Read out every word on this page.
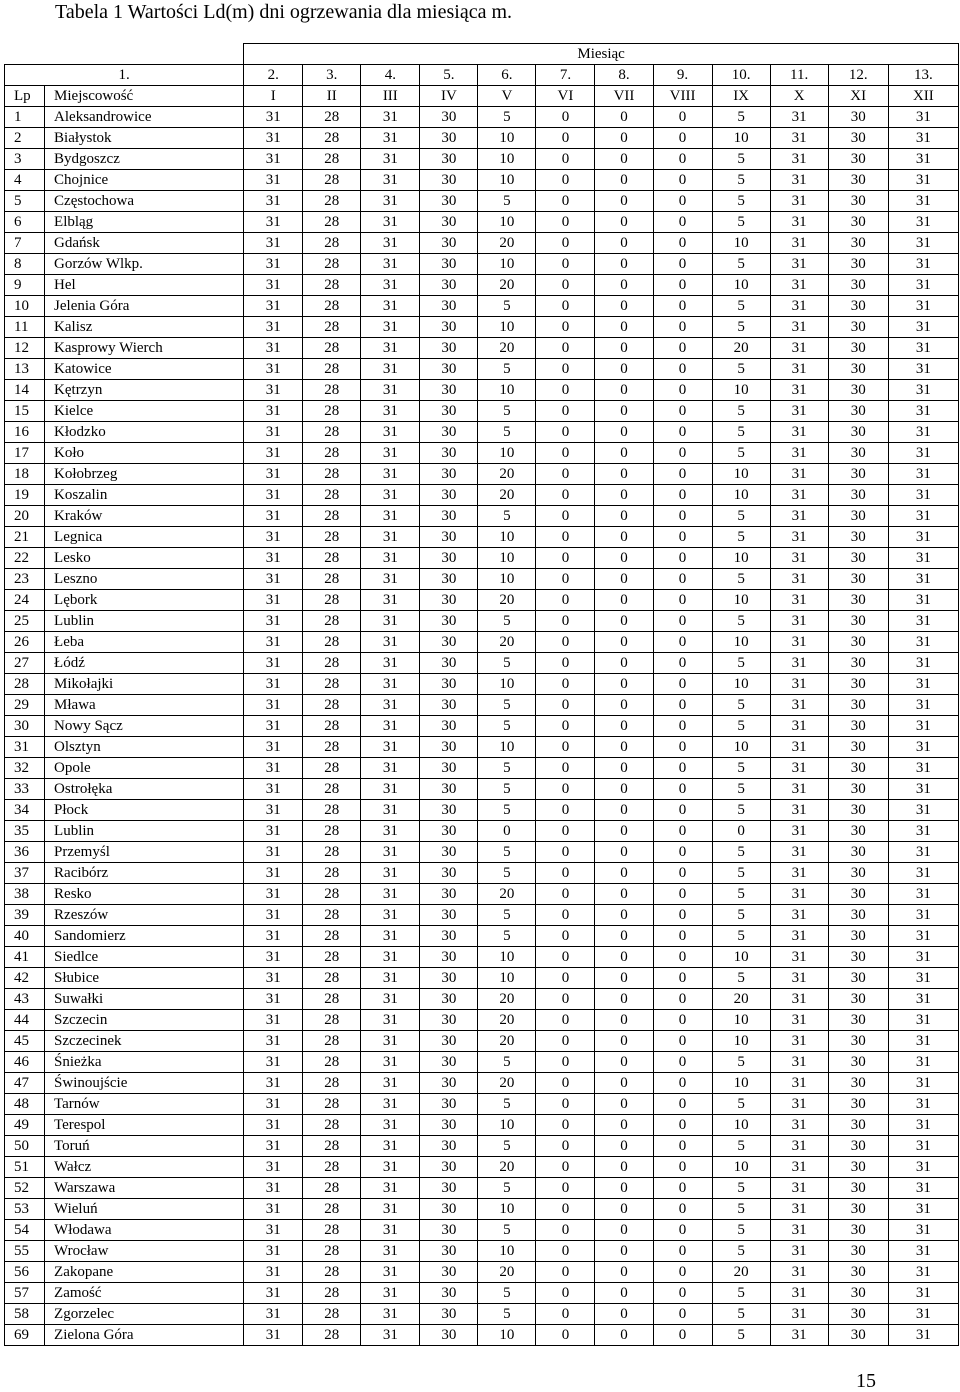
Tabela 1 Wartości Ld(m) dni ogrzewania dla miesiąca m.
		Miesiąc											
1.		2.	3.	4.	5.	6.	7.	8.	9.	10.	11.	12.	13.
Lp	Miejscowość	I	II	III	IV	V	VI	VII	VIII	IX	X	XI	XII
1	Aleksandrowice	31	28	31	30	5	0	0	0	5	31	30	31
2	Białystok	31	28	31	30	10	0	0	0	10	31	30	31
3	Bydgoszcz	31	28	31	30	10	0	0	0	5	31	30	31
4	Chojnice	31	28	31	30	10	0	0	0	5	31	30	31
5	Częstochowa	31	28	31	30	5	0	0	0	5	31	30	31
6	Elbląg	31	28	31	30	10	0	0	0	5	31	30	31
7	Gdańsk	31	28	31	30	20	0	0	0	10	31	30	31
8	Gorzów Wlkp.	31	28	31	30	10	0	0	0	5	31	30	31
9	Hel	31	28	31	30	20	0	0	0	10	31	30	31
10	Jelenia Góra	31	28	31	30	5	0	0	0	5	31	30	31
11	Kalisz	31	28	31	30	10	0	0	0	5	31	30	31
12	Kasprowy Wierch	31	28	31	30	20	0	0	0	20	31	30	31
13	Katowice	31	28	31	30	5	0	0	0	5	31	30	31
14	Kętrzyn	31	28	31	30	10	0	0	0	10	31	30	31
15	Kielce	31	28	31	30	5	0	0	0	5	31	30	31
16	Kłodzko	31	28	31	30	5	0	0	0	5	31	30	31
17	Koło	31	28	31	30	10	0	0	0	5	31	30	31
18	Kołobrzeg	31	28	31	30	20	0	0	0	10	31	30	31
19	Koszalin	31	28	31	30	20	0	0	0	10	31	30	31
20	Kraków	31	28	31	30	5	0	0	0	5	31	30	31
21	Legnica	31	28	31	30	10	0	0	0	5	31	30	31
22	Lesko	31	28	31	30	10	0	0	0	10	31	30	31
23	Leszno	31	28	31	30	10	0	0	0	5	31	30	31
24	Lębork	31	28	31	30	20	0	0	0	10	31	30	31
25	Lublin	31	28	31	30	5	0	0	0	5	31	30	31
26	Łeba	31	28	31	30	20	0	0	0	10	31	30	31
27	Łódź	31	28	31	30	5	0	0	0	5	31	30	31
28	Mikołajki	31	28	31	30	10	0	0	0	10	31	30	31
29	Mława	31	28	31	30	5	0	0	0	5	31	30	31
30	Nowy Sącz	31	28	31	30	5	0	0	0	5	31	30	31
31	Olsztyn	31	28	31	30	10	0	0	0	10	31	30	31
32	Opole	31	28	31	30	5	0	0	0	5	31	30	31
33	Ostrołęka	31	28	31	30	5	0	0	0	5	31	30	31
34	Płock	31	28	31	30	5	0	0	0	5	31	30	31
35	Lublin	31	28	31	30	0	0	0	0	0	31	30	31
36	Przemyśl	31	28	31	30	5	0	0	0	5	31	30	31
37	Racibórz	31	28	31	30	5	0	0	0	5	31	30	31
38	Resko	31	28	31	30	20	0	0	0	5	31	30	31
39	Rzeszów	31	28	31	30	5	0	0	0	5	31	30	31
40	Sandomierz	31	28	31	30	5	0	0	0	5	31	30	31
41	Siedlce	31	28	31	30	10	0	0	0	10	31	30	31
42	Słubice	31	28	31	30	10	0	0	0	5	31	30	31
43	Suwałki	31	28	31	30	20	0	0	0	20	31	30	31
44	Szczecin	31	28	31	30	20	0	0	0	10	31	30	31
45	Szczecinek	31	28	31	30	20	0	0	0	10	31	30	31
46	Śnieżka	31	28	31	30	5	0	0	0	5	31	30	31
47	Świnoujście	31	28	31	30	20	0	0	0	10	31	30	31
48	Tarnów	31	28	31	30	5	0	0	0	5	31	30	31
49	Terespol	31	28	31	30	10	0	0	0	10	31	30	31
50	Toruń	31	28	31	30	5	0	0	0	5	31	30	31
51	Wałcz	31	28	31	30	20	0	0	0	10	31	30	31
52	Warszawa	31	28	31	30	5	0	0	0	5	31	30	31
53	Wieluń	31	28	31	30	10	0	0	0	5	31	30	31
54	Włodawa	31	28	31	30	5	0	0	0	5	31	30	31
55	Wrocław	31	28	31	30	10	0	0	0	5	31	30	31
56	Zakopane	31	28	31	30	20	0	0	0	20	31	30	31
57	Zamość	31	28	31	30	5	0	0	0	5	31	30	31
58	Zgorzelec	31	28	31	30	5	0	0	0	5	31	30	31
69	Zielona Góra	31	28	31	30	10	0	0	0	5	31	30	31
15
